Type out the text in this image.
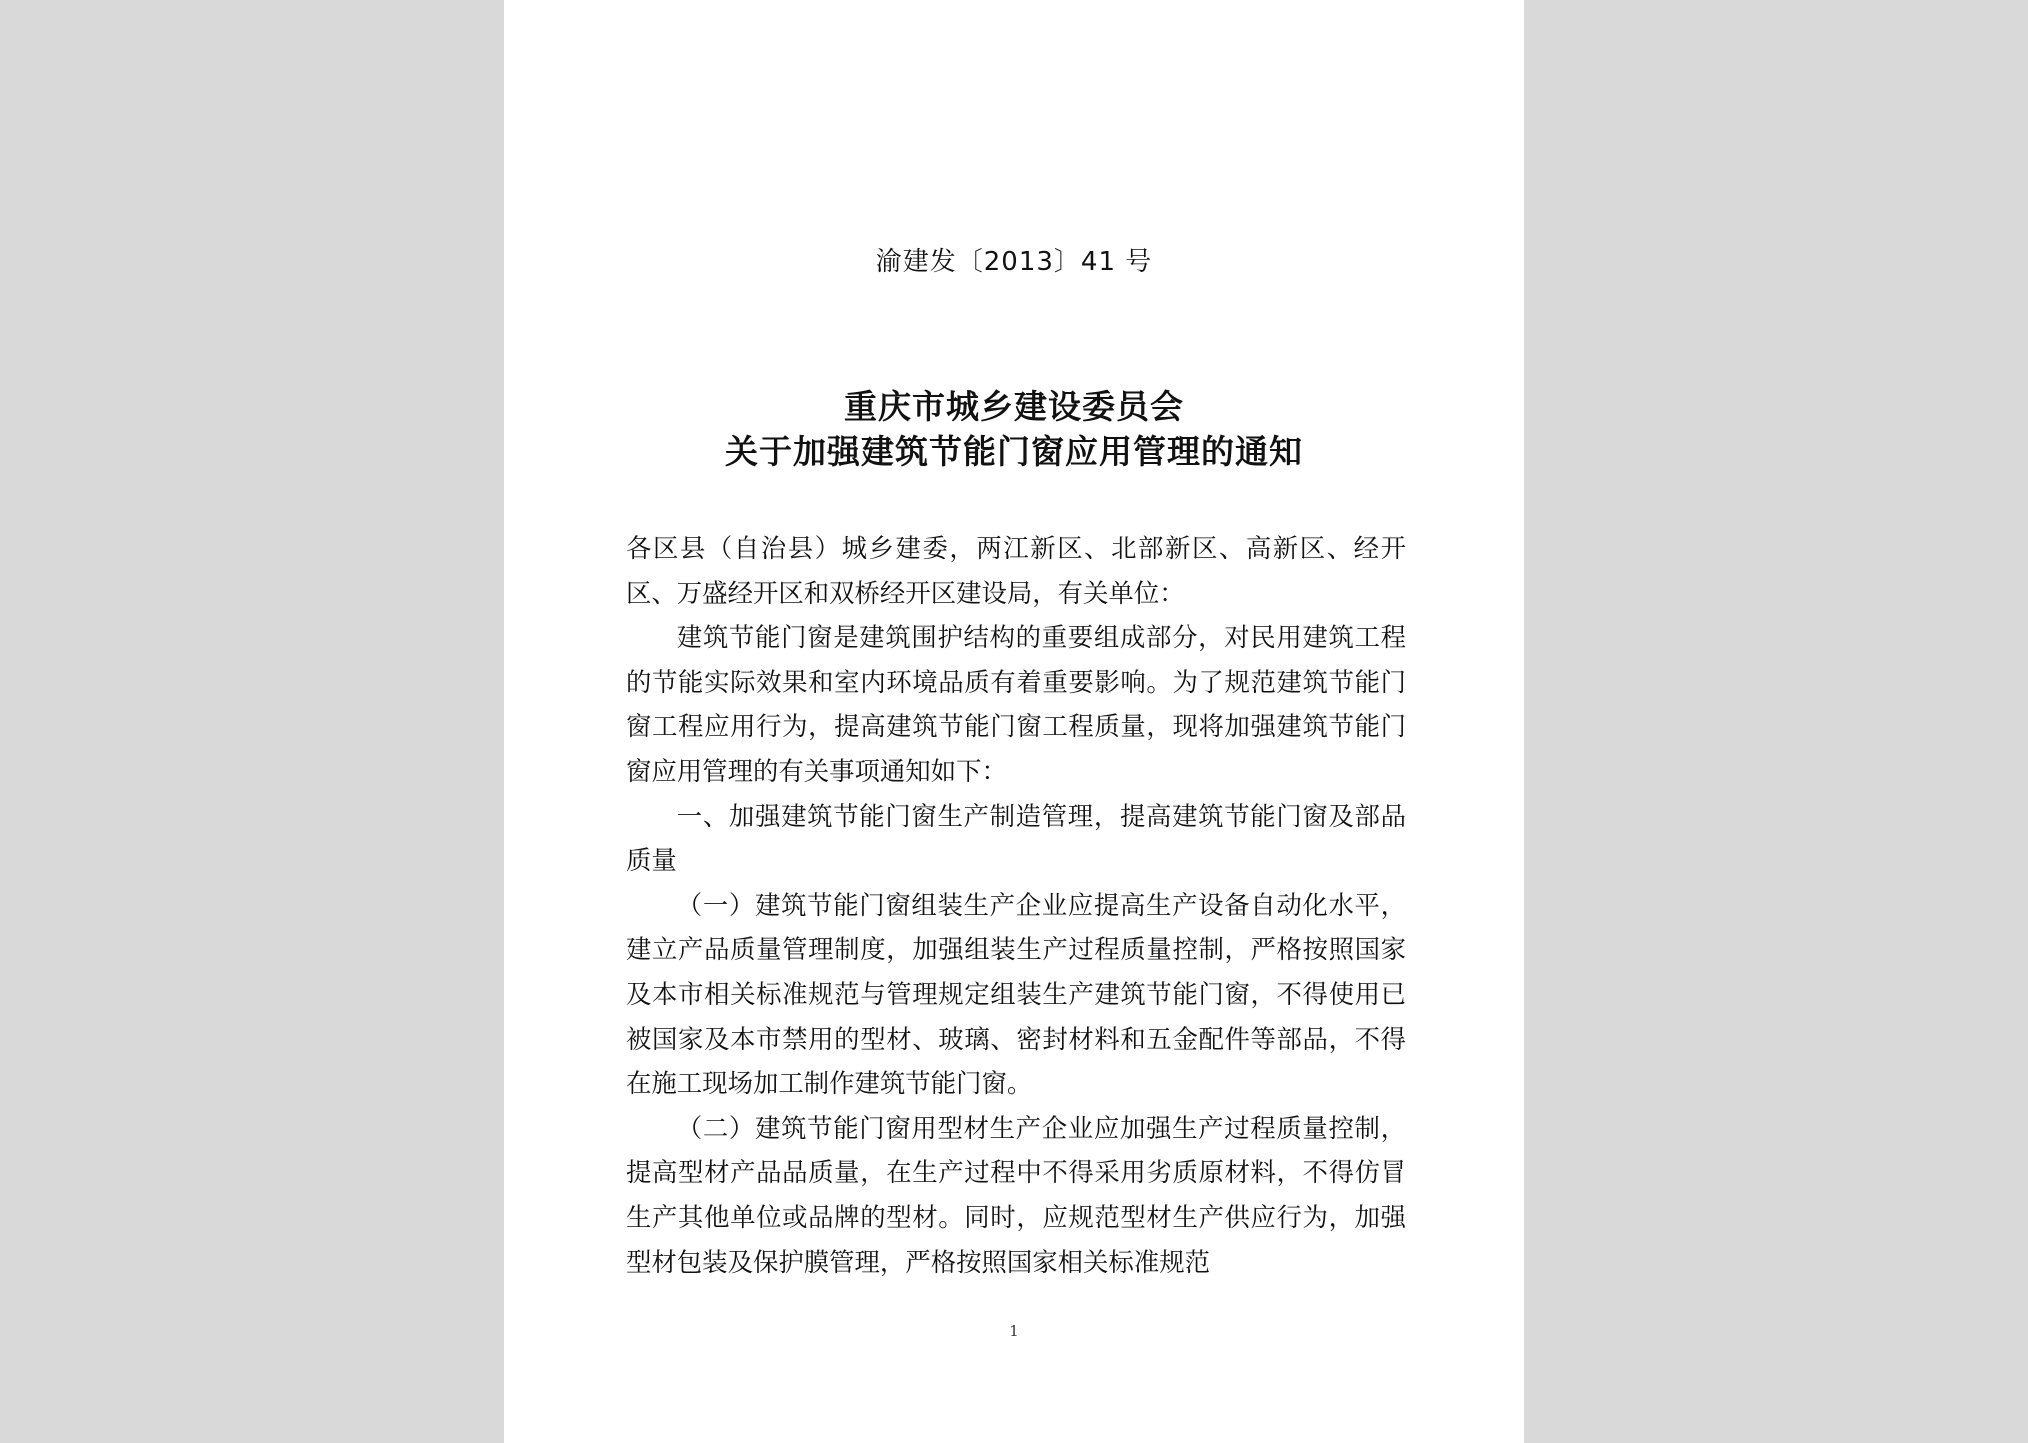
渝建发〔2013〕41 号
重庆市城乡建设委员会
关于加强建筑节能门窗应用管理的通知

各区县（自治县）城乡建委，两江新区、北部新区、高新区、经开区、万盛经开区和双桥经开区建设局，有关单位：

建筑节能门窗是建筑围护结构的重要组成部分，对民用建筑工程的节能实际效果和室内环境品质有着重要影响。为了规范建筑节能门窗工程应用行为，提高建筑节能门窗工程质量，现将加强建筑节能门窗应用管理的有关事项通知如下：

一、加强建筑节能门窗生产制造管理，提高建筑节能门窗及部品质量

（一）建筑节能门窗组装生产企业应提高生产设备自动化水平，建立产品质量管理制度，加强组装生产过程质量控制，严格按照国家及本市相关标准规范与管理规定组装生产建筑节能门窗，不得使用已被国家及本市禁用的型材、玻璃、密封材料和五金配件等部品，不得在施工现场加工制作建筑节能门窗。

（二）建筑节能门窗用型材生产企业应加强生产过程质量控制，提高型材产品品质量，在生产过程中不得采用劣质原材料，不得仿冒生产其他单位或品牌的型材。同时，应规范型材生产供应行为，加强型材包装及保护膜管理，严格按照国家相关标准规范

1
